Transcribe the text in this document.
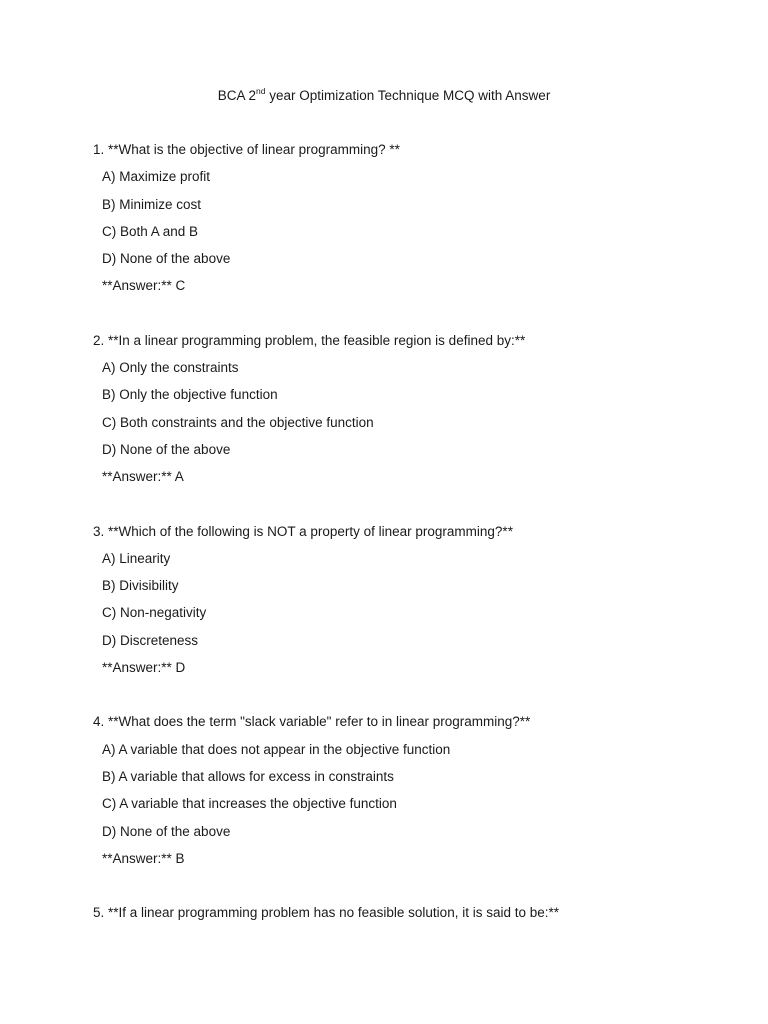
BCA 2nd year Optimization Technique MCQ with Answer
1. **What is the objective of linear programming? **
A) Maximize profit
B) Minimize cost
C) Both A and B
D) None of the above
**Answer:** C
2. **In a linear programming problem, the feasible region is defined by:**
A) Only the constraints
B) Only the objective function
C) Both constraints and the objective function
D) None of the above
**Answer:** A
3. **Which of the following is NOT a property of linear programming?**
A) Linearity
B) Divisibility
C) Non-negativity
D) Discreteness
**Answer:** D
4. **What does the term "slack variable" refer to in linear programming?**
A) A variable that does not appear in the objective function
B) A variable that allows for excess in constraints
C) A variable that increases the objective function
D) None of the above
**Answer:** B
5. **If a linear programming problem has no feasible solution, it is said to be:**
